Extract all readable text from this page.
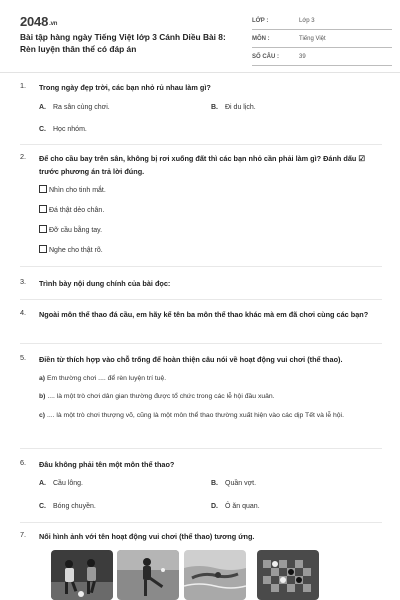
2048.vn
Bài tập hàng ngày Tiếng Việt lớp 3 Cánh Diều Bài 8: Rèn luyện thân thể có đáp án
LỚP :	Lớp 3
MÔN :	Tiếng Việt
SỐ CÂU :	39
1. Trong ngày đẹp trời, các bạn nhỏ rủ nhau làm gì?
A. Ra sân cùng chơi.	B. Đi du lịch.
C. Học nhóm.
2. Để cho cầu bay trên sân, không bị rơi xuống đất thì các bạn nhỏ cần phải làm gì? Đánh dấu ☑ trước phương án trả lời đúng.
Nhìn cho tinh mắt.
Đá thật dẻo chân.
Đỡ cầu bằng tay.
Nghe cho thật rõ.
3. Trình bày nội dung chính của bài đọc:
4. Ngoài môn thể thao đá cầu, em hãy kể tên ba môn thể thao khác mà em đã chơi cùng các bạn?
5. Điền từ thích hợp vào chỗ trống để hoàn thiện câu nói về hoạt động vui chơi (thể thao).
a) Em thường chơi .... để rèn luyện trí tuệ.
b) .... là một trò chơi dân gian thường được tổ chức trong các lễ hội đầu xuân.
c) .... là một trò chơi thượng võ, cũng là một môn thể thao thường xuất hiện vào các dịp Tết và lễ hội.
6. Đâu không phải tên một môn thể thao?
A. Cầu lông.	B. Quần vợt.
C. Bóng chuyền.	D. Ô ăn quan.
7. Nối hình ảnh với tên hoạt động vui chơi (thể thao) tương ứng.
